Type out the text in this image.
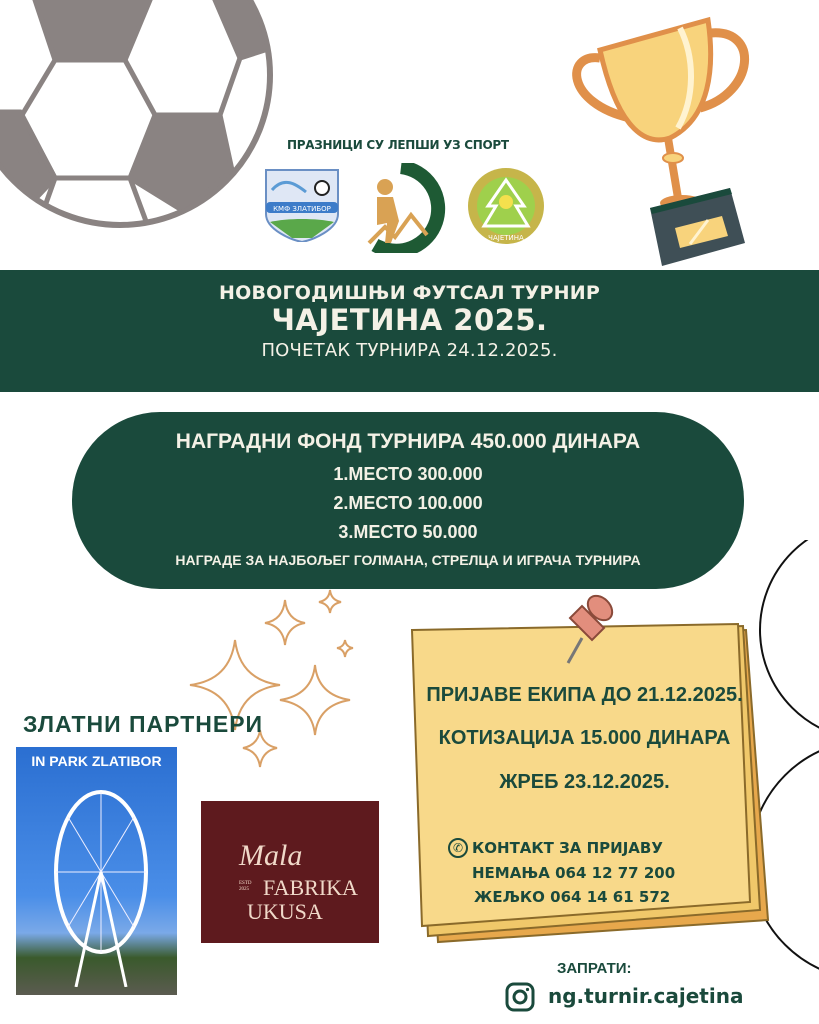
ПРАЗНИЦИ СУ ЛЕПШИ УЗ СПОРТ
КМФ ЗЛАТИБОР
ЧАЈЕТИНА
НОВОГОДИШЊИ ФУТСАЛ ТУРНИР
ЧАЈЕТИНА 2025.
ПОЧЕТАК ТУРНИРА 24.12.2025.
НАГРАДНИ ФОНД ТУРНИРА 450.000 ДИНАРА
1.МЕСТО 300.000
2.МЕСТО 100.000
3.МЕСТО 50.000
НАГРАДЕ ЗА НАЈБОЉЕГ ГОЛМАНА, СТРЕЛЦА И ИГРАЧА ТУРНИРА
ПРИЈАВЕ ЕКИПА ДО 21.12.2025.
КОТИЗАЦИЈА 15.000 ДИНАРА
ЖРЕБ 23.12.2025.
✆ КОНТАКТ ЗА ПРИЈАВУ
НЕМАЊА 064 12 77 200
ЖЕЉКО 064 14 61 572
ЗЛАТНИ ПАРТНЕРИ
IN PARK ZLATIBOR
Mala
FABRIKA
UKUSA
ESTD 2025
ЗАПРАТИ:
ng.turnir.cajetina
